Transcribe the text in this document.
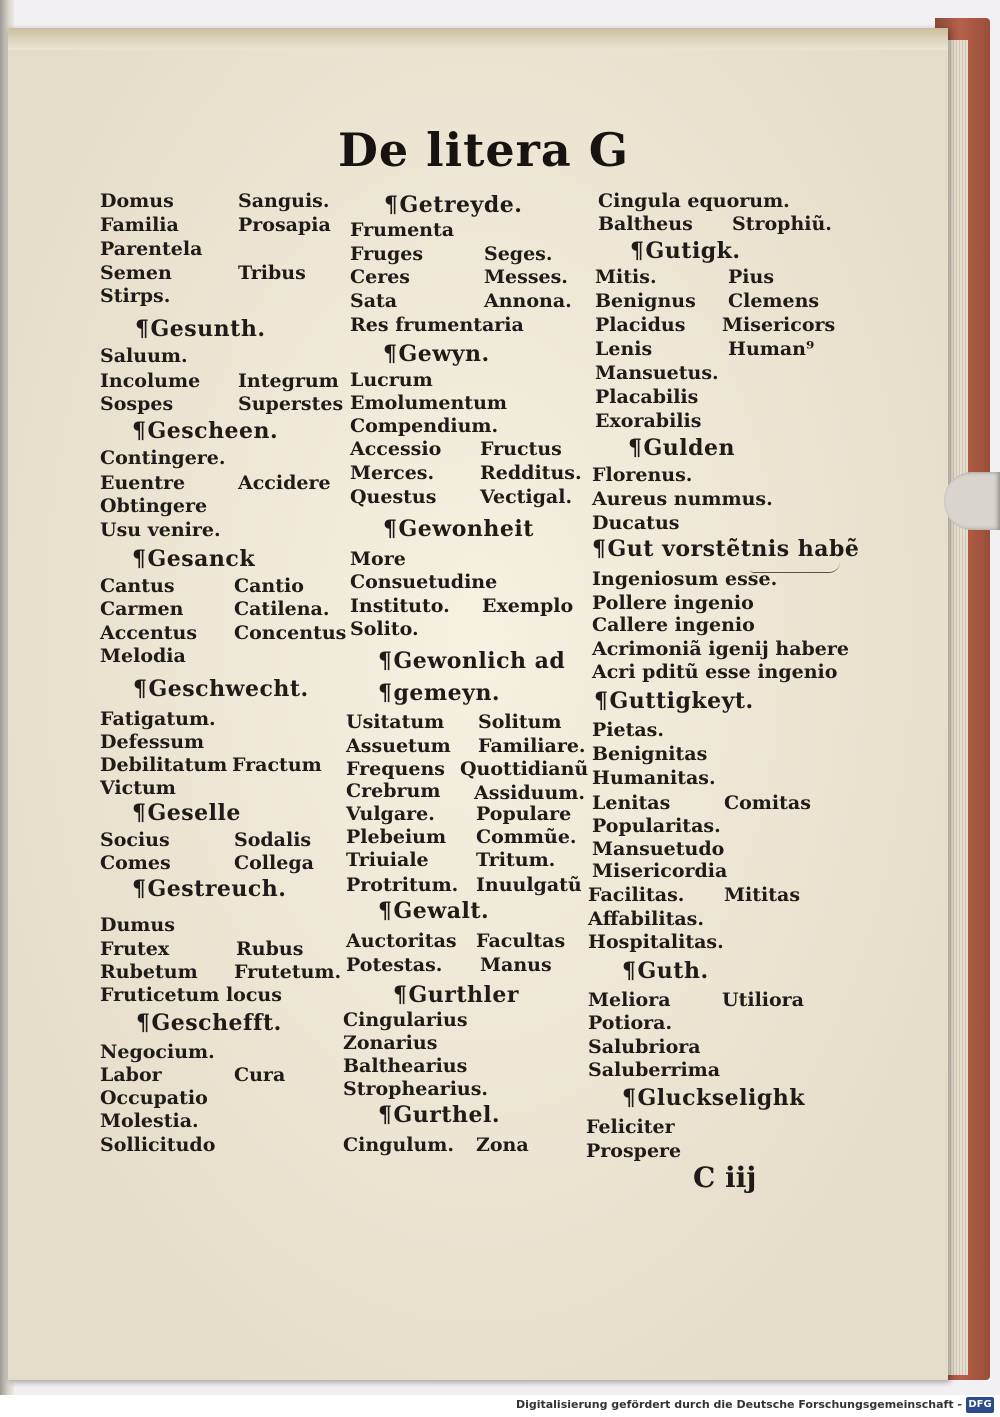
De litera G
Domus	Sanguis.
Familia	Prosapia
Parentela
Semen	Tribus
Stirps.
¶Gesunth.
Saluum.
Incolume Integrum
Sospes	Superstes
¶Gescheen.
Contingere.
Euentre	Accidere
Obtingere
Usu venire.
¶Gesanck
Cantus	Cantio
Carmen	Catilena.
Accentus Concentus
Melodia
¶Geschwecht.
Fatigatum.
Defessum
Debilitatum Fractum
Victum
¶Geselle
Socius	Sodalis
Comes	Collega
¶Gestreuch.
Dumus
Frutex	Rubus
Rubetum Frutetum.
Fruticetum locus
¶Geschefft.
Negocium.
Labor	Cura
Occupatio
Molestia.
Sollicitudo
¶Getreyde.
Frumenta
Fruges	Seges.
Ceres	Messes.
Sata	Annona.
Res frumentaria
¶Gewyn.
Lucrum
Emolumentum
Compendium.
Accessio Fructus
Merces. Redditus.
Questus Vectigal.
¶Gewonheit
More
Consuetudine
Instituto. Exemplo
Solito.
¶Gewonlich ad
¶gemeyn.
Usitatum Solitum
Assuetum Familiare.
Frequens Quottidianũ
Crebrum Assiduum.
Vulgare. Populare
Plebeium Commũe.
Triuiale Tritum.
Protritum. Inuulgatũ
¶Gewalt.
Auctoritas Facultas
Potestas. Manus
¶Gurthler
Cingularius
Zonarius
Balthearius
Strophearius.
¶Gurthel.
Cingulum. Zona
Cingula equorum.
Baltheus Strophiũ.
¶Gutigk.
Mitis.	Pius
Benignus Clemens
Placidus Misericors
Lenis	Human⁹
Mansuetus.
Placabilis
Exorabilis
¶Gulden
Florenus.
Aureus nummus.
Ducatus
¶Gut vorstẽtnis habẽ
Ingeniosum esse.
Pollere ingenio
Callere ingenio
Acrimoniã igenij habere
Acri pditũ esse ingenio
¶Guttigkeyt.
Pietas.
Benignitas
Humanitas.
Lenitas	Comitas
Popularitas.
Mansuetudo
Misericordia
Facilitas. Mititas
Affabilitas.
Hospitalitas.
¶Guth.
Meliora	Utiliora
Potiora.
Salubriora
Saluberrima
¶Gluckselighk
Feliciter
Prospere
C iij
Digitalisierung gefördert durch die Deutsche Forschungsgemeinschaft - DFG
